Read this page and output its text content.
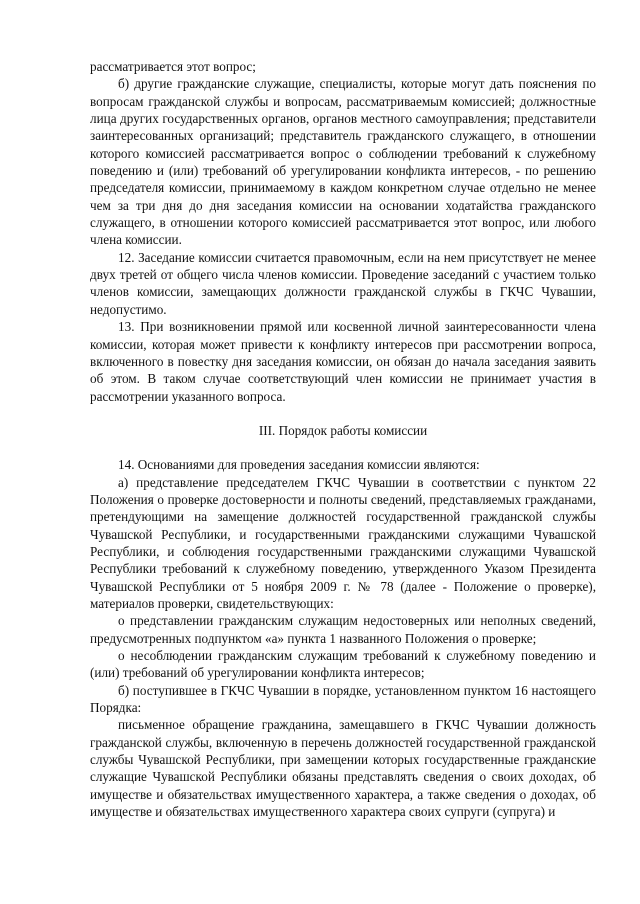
рассматривается этот вопрос;

б) другие гражданские служащие, специалисты, которые могут дать пояснения по вопросам гражданской службы и вопросам, рассматриваемым комиссией; должностные лица других государственных органов, органов местного самоуправления; представители заинтересованных организаций; представитель гражданского служащего, в отношении которого комиссией рассматривается вопрос о соблюдении требований к служебному поведению и (или) требований об урегулировании конфликта интересов, - по решению председателя комиссии, принимаемому в каждом конкретном случае отдельно не менее чем за три дня до дня заседания комиссии на основании ходатайства гражданского служащего, в отношении которого комиссией рассматривается этот вопрос, или любого члена комиссии.

12. Заседание комиссии считается правомочным, если на нем присутствует не менее двух третей от общего числа членов комиссии. Проведение заседаний с участием только членов комиссии, замещающих должности гражданской службы в ГКЧС Чувашии, недопустимо.

13. При возникновении прямой или косвенной личной заинтересованности члена комиссии, которая может привести к конфликту интересов при рассмотрении вопроса, включенного в повестку дня заседания комиссии, он обязан до начала заседания заявить об этом. В таком случае соответствующий член комиссии не принимает участия в рассмотрении указанного вопроса.

III. Порядок работы комиссии

14. Основаниями для проведения заседания комиссии являются:

а) представление председателем ГКЧС Чувашии в соответствии с пунктом 22 Положения о проверке достоверности и полноты сведений, представляемых гражданами, претендующими на замещение должностей государственной гражданской службы Чувашской Республики, и государственными гражданскими служащими Чувашской Республики, и соблюдения государственными гражданскими служащими Чувашской Республики требований к служебному поведению, утвержденного Указом Президента Чувашской Республики от 5 ноября 2009 г. № 78 (далее - Положение о проверке), материалов проверки, свидетельствующих:

о представлении гражданским служащим недостоверных или неполных сведений, предусмотренных подпунктом «а» пункта 1 названного Положения о проверке;

о несоблюдении гражданским служащим требований к служебному поведению и (или) требований об урегулировании конфликта интересов;

б) поступившее в ГКЧС Чувашии в порядке, установленном пунктом 16 настоящего Порядка:

письменное обращение гражданина, замещавшего в ГКЧС Чувашии должность гражданской службы, включенную в перечень должностей государственной гражданской службы Чувашской Республики, при замещении которых государственные гражданские служащие Чувашской Республики обязаны представлять сведения о своих доходах, об имуществе и обязательствах имущественного характера, а также сведения о доходах, об имуществе и обязательствах имущественного характера своих супруги (супруга) и
